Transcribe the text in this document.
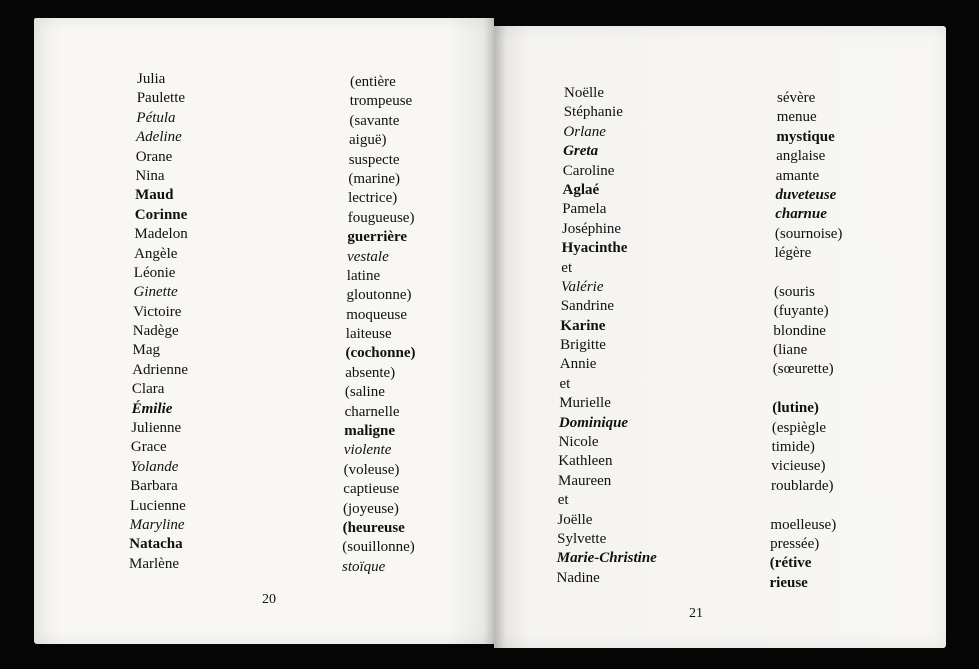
Julia
Paulette
Pétula
Adeline
Orane
Nina
Maud
Corinne
Madelon
Angèle
Léonie
Ginette
Victoire
Nadège
Mag
Adrienne
Clara
Émilie
Julienne
Grace
Yolande
Barbara
Lucienne
Maryline
Natacha
Marlène
(entière
trompeuse
(savante
aiguë)
suspecte
(marine)
lectrice)
fougueuse)
guerrière
vestale
latine
gloutonne)
moqueuse
laiteuse
(cochonne)
absente)
(saline
charnelle
maligne
violente
(voleuse)
captieuse
(joyeuse)
(heureuse
(souillonne)
stoïque
Noëlle
Stéphanie
Orlane
Greta
Caroline
Aglaé
Pamela
Joséphine
Hyacinthe
et
Valérie
Sandrine
Karine
Brigitte
Annie
et
Murielle
Dominique
Nicole
Kathleen
Maureen
et
Joëlle
Sylvette
Marie-Christine
Nadine
sévère
menue
mystique
anglaise
amante
duveteuse
charnue
(sournoise)
légère
(souris
(fuyante)
blondine
(liane
(sœurette)
(lutine)
(espiègle
timide)
vicieuse)
roublarde)
moelleuse)
pressée)
(rétive
rieuse
20
21
